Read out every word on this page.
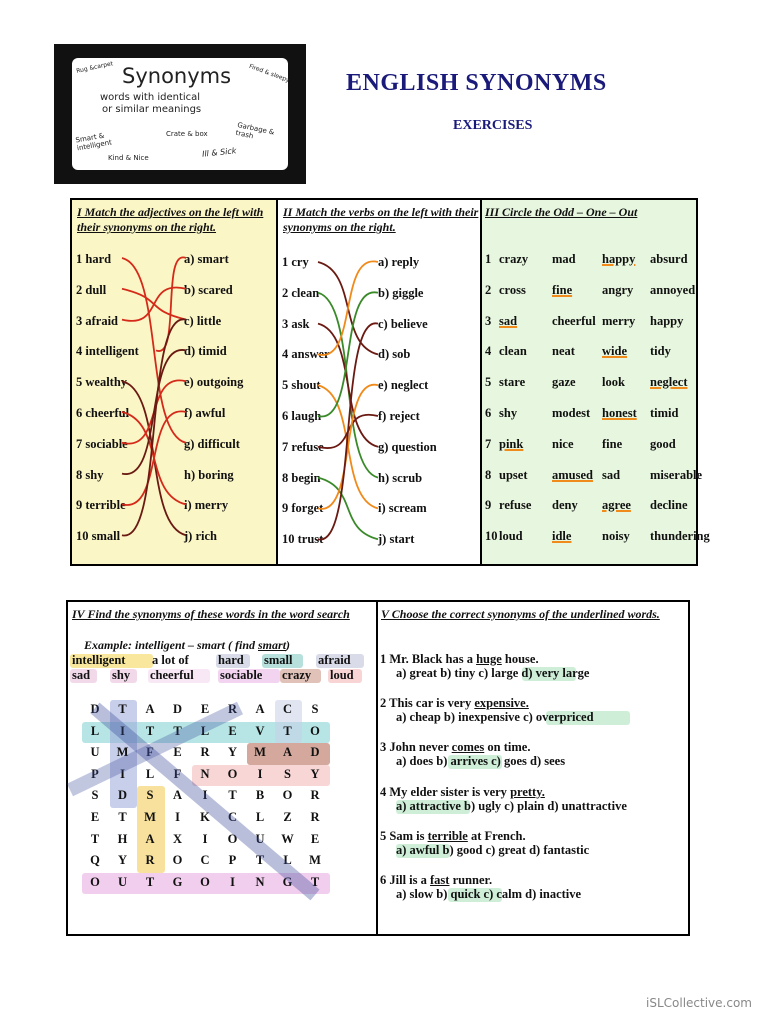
Rug &carpet Synonyms	Fired & sleepy
words with identical
or similar meanings
Smart & intelligent
Crate & box	Garbage & trash
Kind & Nice	Ill & Sick
ENGLISH SYNONYMS
EXERCISES
I Match the adjectives on the left with their synonyms on the right.
1 hard
2 dull
3 afraid
4 intelligent
5 wealthy
6 cheerful
7 sociable
8 shy
9 terrible
10 small
a) smart
b) scared
c) little
d) timid
e) outgoing
f) awful
g) difficult
h) boring
i) merry
j) rich
II Match the verbs on the left with their synonyms on the right.
1 cry
2 clean
3 ask
4 answer
5 shout
6 laugh
7 refuse
8 begin
9 forget
10 trust
a) reply
b) giggle
c) believe
d) sob
e) neglect
f) reject
g) question
h) scrub
i) scream
j) start
III Circle the Odd – One – Out
1 crazy mad happy absurd
2 cross fine angry annoyed
3 sad	cheerful merry happy
4 clean neat wide tidy
5 stare gaze look neglect
6 shy	modest honest timid
7 pink nice fine good
8 upset amused sad miserable
9 refuse deny agree decline
10 loud idle noisy thundering
IV Find the synonyms of these words in the word search
Example: intelligent – smart ( find smart)
intelligent a lot of hard small afraid
sad shy cheerful sociable crazy loud
D	T	A	D	E	R	A	C	S
L	I	T	T	L	E	V	T	O
U	M	F	E	R	Y	M	A	D
P	I	L	F	N	O	I	S	Y
S	D	S	A	I	T	B	O	R
E	T	M	I	K	C	L	Z	R
T	H	A	X	I	O	U	W	E
Q	Y	R	O	C	P	T	L	M
O	U	T	G	O	I	N	G	T
V Choose the correct synonyms of the underlined words.
1 Mr. Black has a huge house.
a) great b) tiny c) large d) very large
2 This car is very expensive.
a) cheap b) inexpensive c) overpriced
3 John never comes on time.
a) does b) arrives c) goes d) sees
4 My elder sister is very pretty.
a) attractive b) ugly c) plain d) unattractive
5 Sam is terrible at French.
a) awful b) good c) great d) fantastic
6 Jill is a fast runner.
a) slow b) quick c) calm d) inactive
iSLCollective.com
